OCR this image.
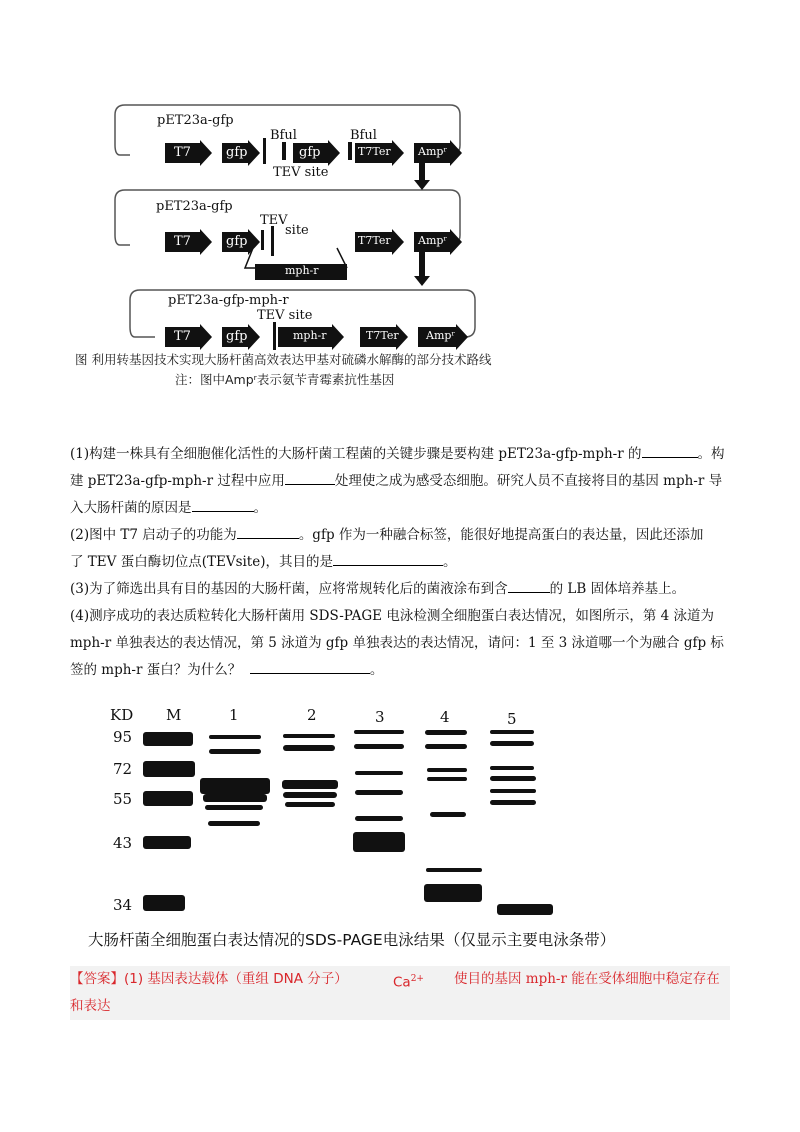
pET23a-gfp
Bful	Bful
TEV site
T7	gfp	gfp	T7Ter Ampʳ
pET23a-gfp
TEV
site
T7	gfp	T7Ter Ampʳ
mph-r
pET23a-gfp-mph-r
TEV site
T7	gfp	mph-r	T7Ter Ampʳ
图 利用转基因技术实现大肠杆菌高效表达甲基对硫磷水解酶的部分技术路线
注：图中Ampʳ表示氨苄青霉素抗性基因
(1)构建一株具有全细胞催化活性的大肠杆菌工程菌的关键步骤是要构建 pET23a-gfp-mph-r 的	。构
建 pET23a-gfp-mph-r 过程中应用	处理使之成为感受态细胞。研究人员不直接将目的基因 mph-r 导
入大肠杆菌的原因是	。
(2)图中 T7 启动子的功能为	。gfp 作为一种融合标签，能很好地提高蛋白的表达量，因此还添加
了 TEV 蛋白酶切位点(TEVsite)，其目的是	。
(3)为了筛选出具有目的基因的大肠杆菌，应将常规转化后的菌液涂布到含	的 LB 固体培养基上。
(4)测序成功的表达质粒转化大肠杆菌用 SDS-PAGE 电泳检测全细胞蛋白表达情况，如图所示，第 4 泳道为
mph-r 单独表达的表达情况，第 5 泳道为 gfp 单独表达的表达情况，请问：1 至 3 泳道哪一个为融合 gfp 标
签的 mph-r 蛋白？为什么？	。
KD M	1	2	3	4	5
95
72
55
43
34
大肠杆菌全细胞蛋白表达情况的SDS-PAGE电泳结果（仅显示主要电泳条带）
【答案】(1) 基因表达载体（重组 DNA 分子）	$Ca^{2+}$ 使目的基因 mph-r 能在受体细胞中稳定存在
和表达
